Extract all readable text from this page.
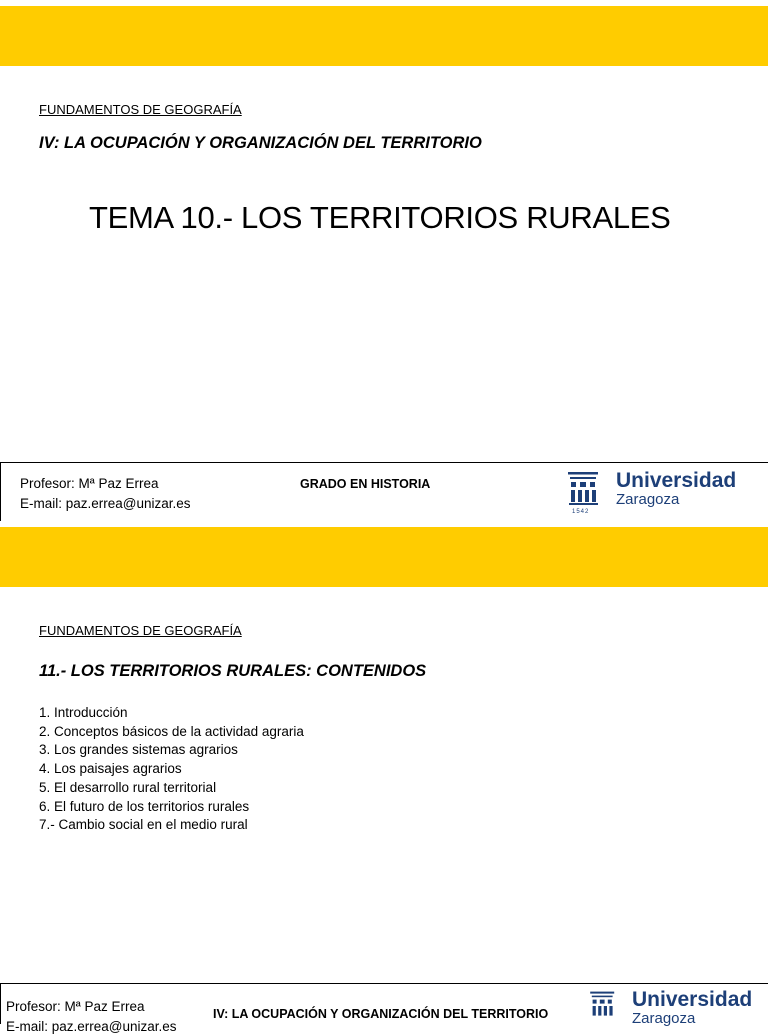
FUNDAMENTOS DE GEOGRAFÍA
IV: LA OCUPACIÓN Y ORGANIZACIÓN DEL TERRITORIO
TEMA 10.- LOS TERRITORIOS RURALES
Profesor: Mª Paz Errea
E-mail: paz.errea@unizar.es
GRADO EN HISTORIA
1542
Universidad
Zaragoza
FUNDAMENTOS DE GEOGRAFÍA
11.- LOS TERRITORIOS RURALES: CONTENIDOS
1. Introducción
2. Conceptos básicos de la actividad agraria
3. Los grandes sistemas agrarios
4. Los paisajes agrarios
5. El desarrollo rural territorial
6. El futuro de los territorios rurales
7.- Cambio social en el medio rural
Profesor: Mª Paz Errea
E-mail: paz.errea@unizar.es
IV: LA OCUPACIÓN Y ORGANIZACIÓN DEL TERRITORIO
Universidad
Zaragoza
